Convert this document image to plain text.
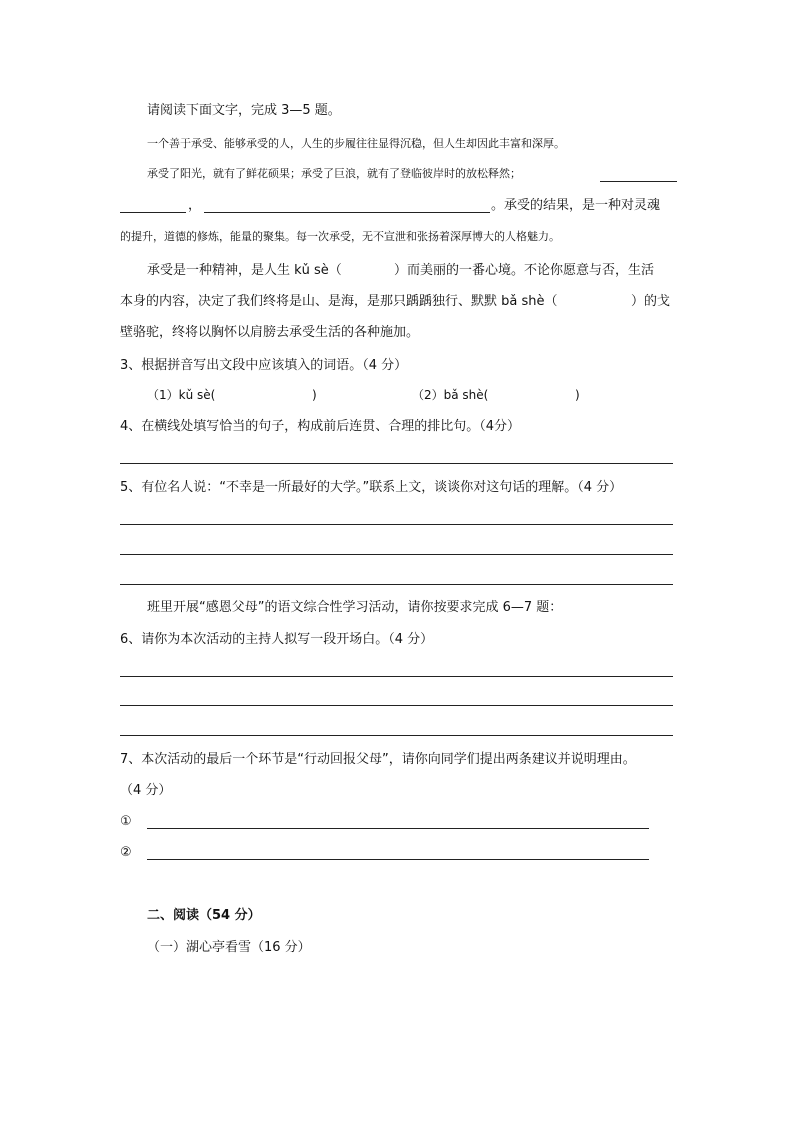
请阅读下面文字，完成 3—5 题。
一个善于承受、能够承受的人，人生的步履往往显得沉稳，但人生却因此丰富和深厚。
承受了阳光，就有了鲜花硕果；承受了巨浪，就有了登临彼岸时的放松释然；
，	。承受的结果，是一种对灵魂
的提升，道德的修炼，能量的聚集。每一次承受，无不宣泄和张扬着深厚博大的人格魅力。
承受是一种精神，是人生 kǔ sè（	）而美丽的一番心境。不论你愿意与否，生活
本身的内容，决定了我们终将是山、是海，是那只踽踽独行、默默 bǎ shè（	）的戈
壁骆驼，终将以胸怀以肩膀去承受生活的各种施加。
3、根据拼音写出文段中应该填入的词语。（4 分）
（1）kǔ sè(	)	（2）bǎ shè(	)
4、在横线处填写恰当的句子，构成前后连贯、合理的排比句。（4分）
5、有位名人说：“不幸是一所最好的大学。”联系上文，谈谈你对这句话的理解。（4 分）
班里开展“感恩父母”的语文综合性学习活动，请你按要求完成 6—7 题：
6、请你为本次活动的主持人拟写一段开场白。（4 分）
7、本次活动的最后一个环节是“行动回报父母”，请你向同学们提出两条建议并说明理由。
（4 分）
①
②
二、阅读（54 分）
（一）湖心亭看雪（16 分）
